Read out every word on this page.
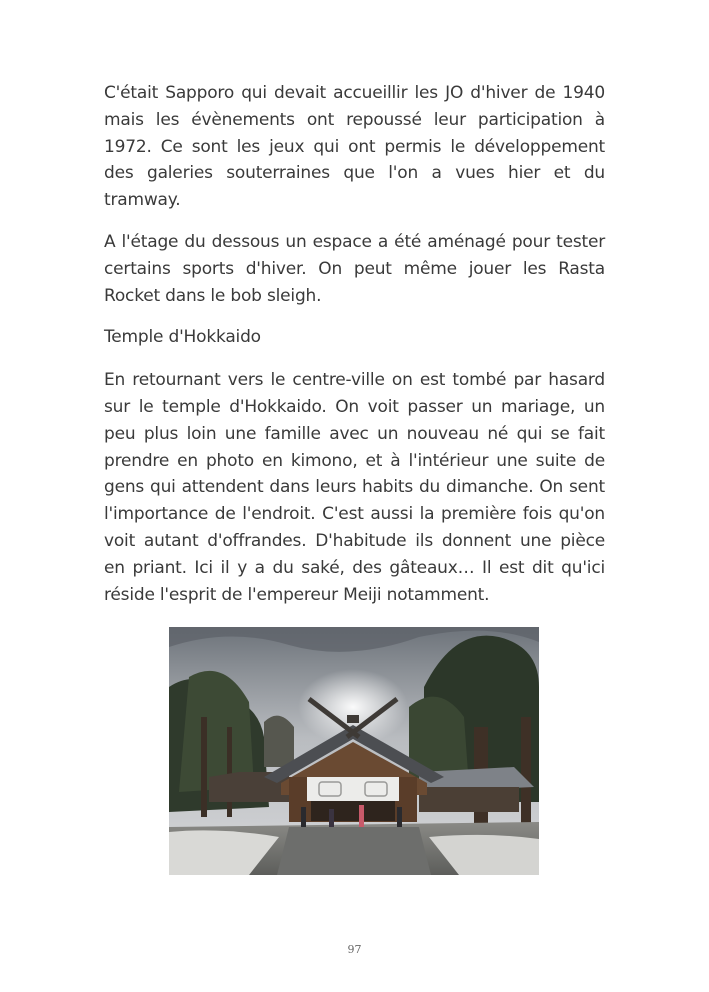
C'était Sapporo qui devait accueillir les JO d'hiver de 1940 mais les évènements ont repoussé leur participation à 1972. Ce sont les jeux qui ont permis le développement des galeries souterraines que l'on a vues hier et du tramway.

A l'étage du dessous un espace a été aménagé pour tester certains sports d'hiver. On peut même jouer les Rasta Rocket dans le bob sleigh.

Temple d'Hokkaido

En retournant vers le centre-ville on est tombé par hasard sur le temple d'Hokkaido. On voit passer un mariage, un peu plus loin une famille avec un nouveau né qui se fait prendre en photo en kimono, et à l'intérieur une suite de gens qui attendent dans leurs habits du dimanche. On sent l'importance de l'endroit. C'est aussi la première fois qu'on voit autant d'offrandes. D'habitude ils donnent une pièce en priant. Ici il y a du saké, des gâteaux… Il est dit qu'ici réside l'esprit de l'empereur Meiji notamment.

97
